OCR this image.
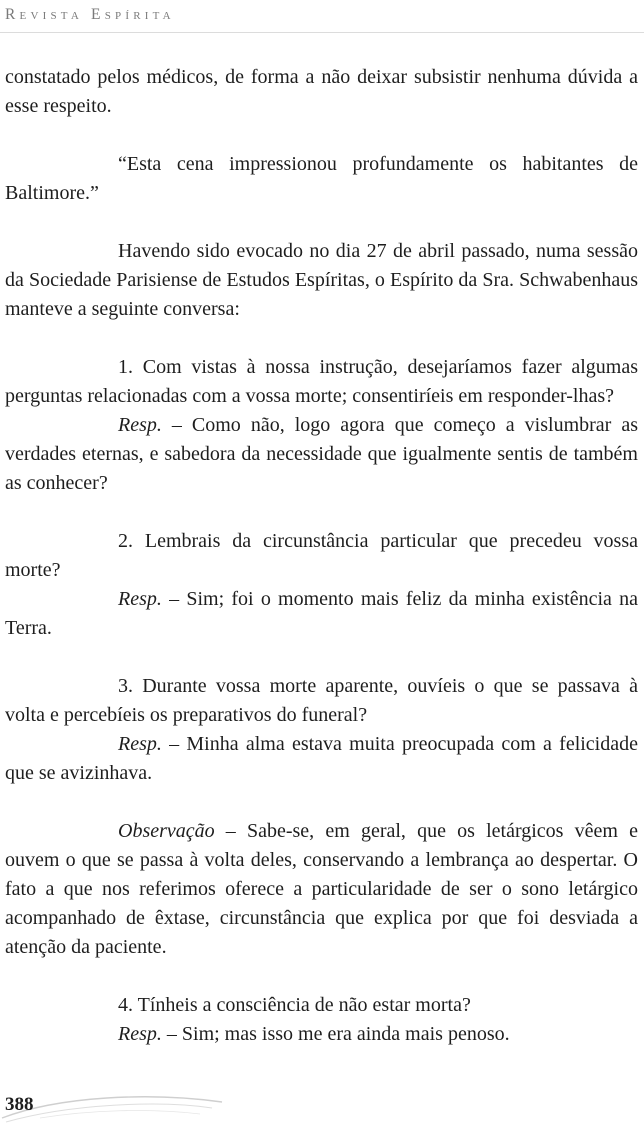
Revista Espírita

constatado pelos médicos, de forma a não deixar subsistir nenhuma dúvida a esse respeito.

“Esta cena impressionou profundamente os habitantes de Baltimore.”

Havendo sido evocado no dia 27 de abril passado, numa sessão da Sociedade Parisiense de Estudos Espíritas, o Espírito da Sra. Schwabenhaus manteve a seguinte conversa:

1. Com vistas à nossa instrução, desejaríamos fazer algumas perguntas relacionadas com a vossa morte; consentiríeis em responder-lhas?

Resp. – Como não, logo agora que começo a vislumbrar as verdades eternas, e sabedora da necessidade que igualmente sentis de também as conhecer?

2. Lembrais da circunstância particular que precedeu vossa morte?

Resp. – Sim; foi o momento mais feliz da minha existência na Terra.

3. Durante vossa morte aparente, ouvíeis o que se passava à volta e percebíeis os preparativos do funeral?

Resp. – Minha alma estava muita preocupada com a felicidade que se avizinhava.

Observação – Sabe-se, em geral, que os letárgicos vêem e ouvem o que se passa à volta deles, conservando a lembrança ao despertar. O fato a que nos referimos oferece a particularidade de ser o sono letárgico acompanhado de êxtase, circunstância que explica por que foi desviada a atenção da paciente.

4. Tínheis a consciência de não estar morta?

Resp. – Sim; mas isso me era ainda mais penoso.

388
